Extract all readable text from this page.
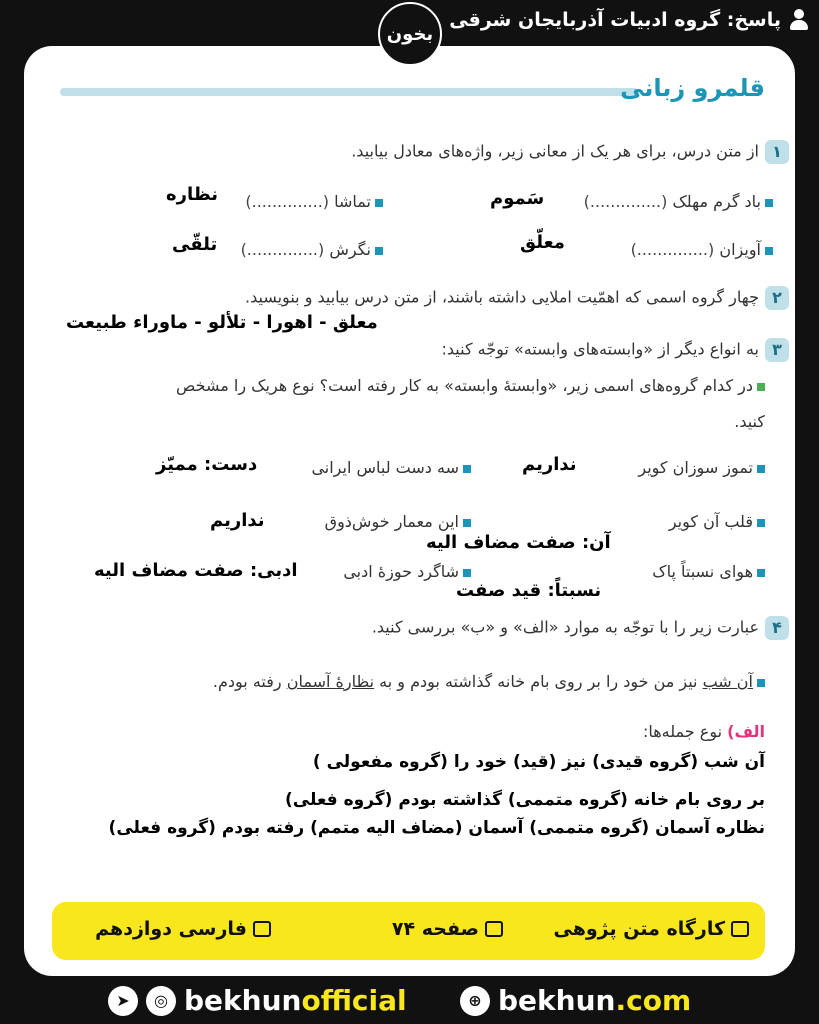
پاسخ: گروه ادبیات آذربایجان شرقی
بخون
قلمرو زبانی
۱از متن درس، برای هر یک از معانی زیر، واژه‌های معادل بیابید.
باد گرم مهلک (..............)
سَموم
تماشا (..............)
نظاره
آویزان (..............)
معلّق
نگرش (..............)
تلقّی
۲چهار گروه اسمی که اهمّیت املایی داشته باشند، از متن درس بیابید و بنویسید.
معلق - اهورا - تلألو - ماوراء طبیعت
۳به انواع دیگر از «وابسته‌های وابسته» توجّه کنید:
در کدام گروه‌های اسمی زیر، «وابستهٔ وابسته» به کار رفته است؟ نوع هریک را مشخص
کنید.
تموز سوزان کویر
نداریم
سه دست لباس ایرانی
دست: ممیّز
قلب آن کویر
آن: صفت مضاف الیه
این معمار خوش‌ذوق
نداریم
هوای نسبتاً پاک
نسبتاً: قید صفت
شاگرد حوزهٔ ادبی
ادبی: صفت مضاف الیه
۴عبارت زیر را با توجّه به موارد «الف» و «ب» بررسی کنید.
آن شب نیز من خود را بر روی بام خانه گذاشته بودم و به نظارهٔ آسمان رفته بودم.
الف) نوع جمله‌ها:
آن شب (گروه قیدی) نیز (قید) خود را (گروه مفعولی )
بر روی بام خانه (گروه متممی) گذاشته بودم (گروه فعلی)
نظاره آسمان (گروه متممی) آسمان (مضاف الیه متمم) رفته بودم (گروه فعلی)
کارگاه متن پژوهی
صفحه ۷۴
فارسی دوازدهم
➤	◎ bekhunofficial	⊕ bekhun.com
